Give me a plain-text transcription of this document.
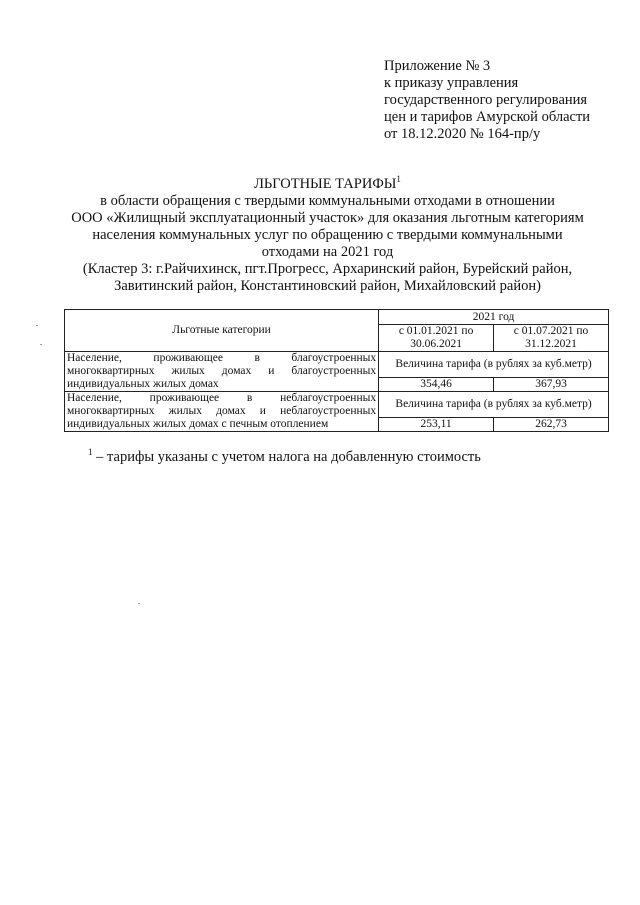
Приложение № 3
к приказу управления
государственного регулирования
цен и тарифов Амурской области
от 18.12.2020 № 164-пр/у
ЛЬГОТНЫЕ ТАРИФЫ$^1$
в области обращения с твердыми коммунальными отходами в отношении
ООО «Жилищный эксплуатационный участок» для оказания льготным категориям
населения коммунальных услуг по обращению с твердыми коммунальными
отходами на 2021 год
(Кластер 3: г.Райчихинск, пгт.Прогресс, Архаринский район, Бурейский район,
Завитинский район, Константиновский район, Михайловский район)
Льготные категории	2021 год	
	с 01.01.2021 по 30.06.2021	с 01.07.2021 по 31.12.2021
Население, проживающее в благоустроенных многоквартирных жилых домах и благоустроенных индивидуальных жилых домах	Величина тарифа (в рублях за куб.метр)	
	354,46	367,93
Население, проживающее в неблагоустроенных многоквартирных жилых домах и неблагоустроенных индивидуальных жилых домах с печным отоплением	Величина тарифа (в рублях за куб.метр)	
	253,11	262,73
$^1$ – тарифы указаны с учетом налога на добавленную стоимость
